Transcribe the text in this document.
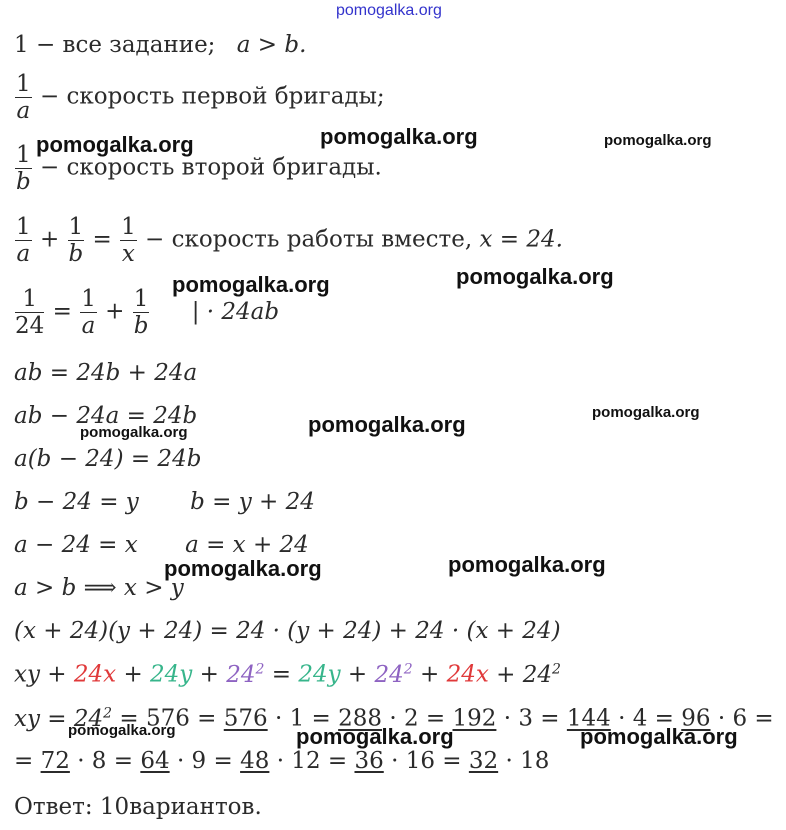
pomogalka.org
1 − все задание; a > b.
$\frac{1}{a}$ − скорость первой бригады;
$\frac{1}{b}$ − скорость второй бригады.
$\frac{1}{a} + \frac{1}{b} = \frac{1}{x}$ − скорость работы вместе, x = 24.
$\frac{1}{24} = \frac{1}{a} + \frac{1}{b}$ | · 24ab
ab = 24b + 24a
ab − 24a = 24b
a(b − 24) = 24b
b − 24 = y b = y + 24
a − 24 = x a = x + 24
a > b ⟹ x > y
(x + 24)(y + 24) = 24 · (y + 24) + 24 · (x + 24)
xy + $24x + 24y + 24^2 = 24y + 24^2 + 24x + 24^2$
xy = $24^2 = 576 = 576 \cdot 1 = 288 \cdot 2 = 192 \cdot 3 = 144 \cdot 4 = 96 \cdot 6$ =
= 72 · 8 = 64 · 9 = 48 · 12 = 36 · 16 = 32 · 18
Ответ: 10вариантов.
pomogalka.org	pomogalka.org	pomogalka.org
pomogalka.org	pomogalka.org
pomogalka.org
pomogalka.org
pomogalka.org
pomogalka.org	pomogalka.org
pomogalka.org	pomogalka.org	pomogalka.org
